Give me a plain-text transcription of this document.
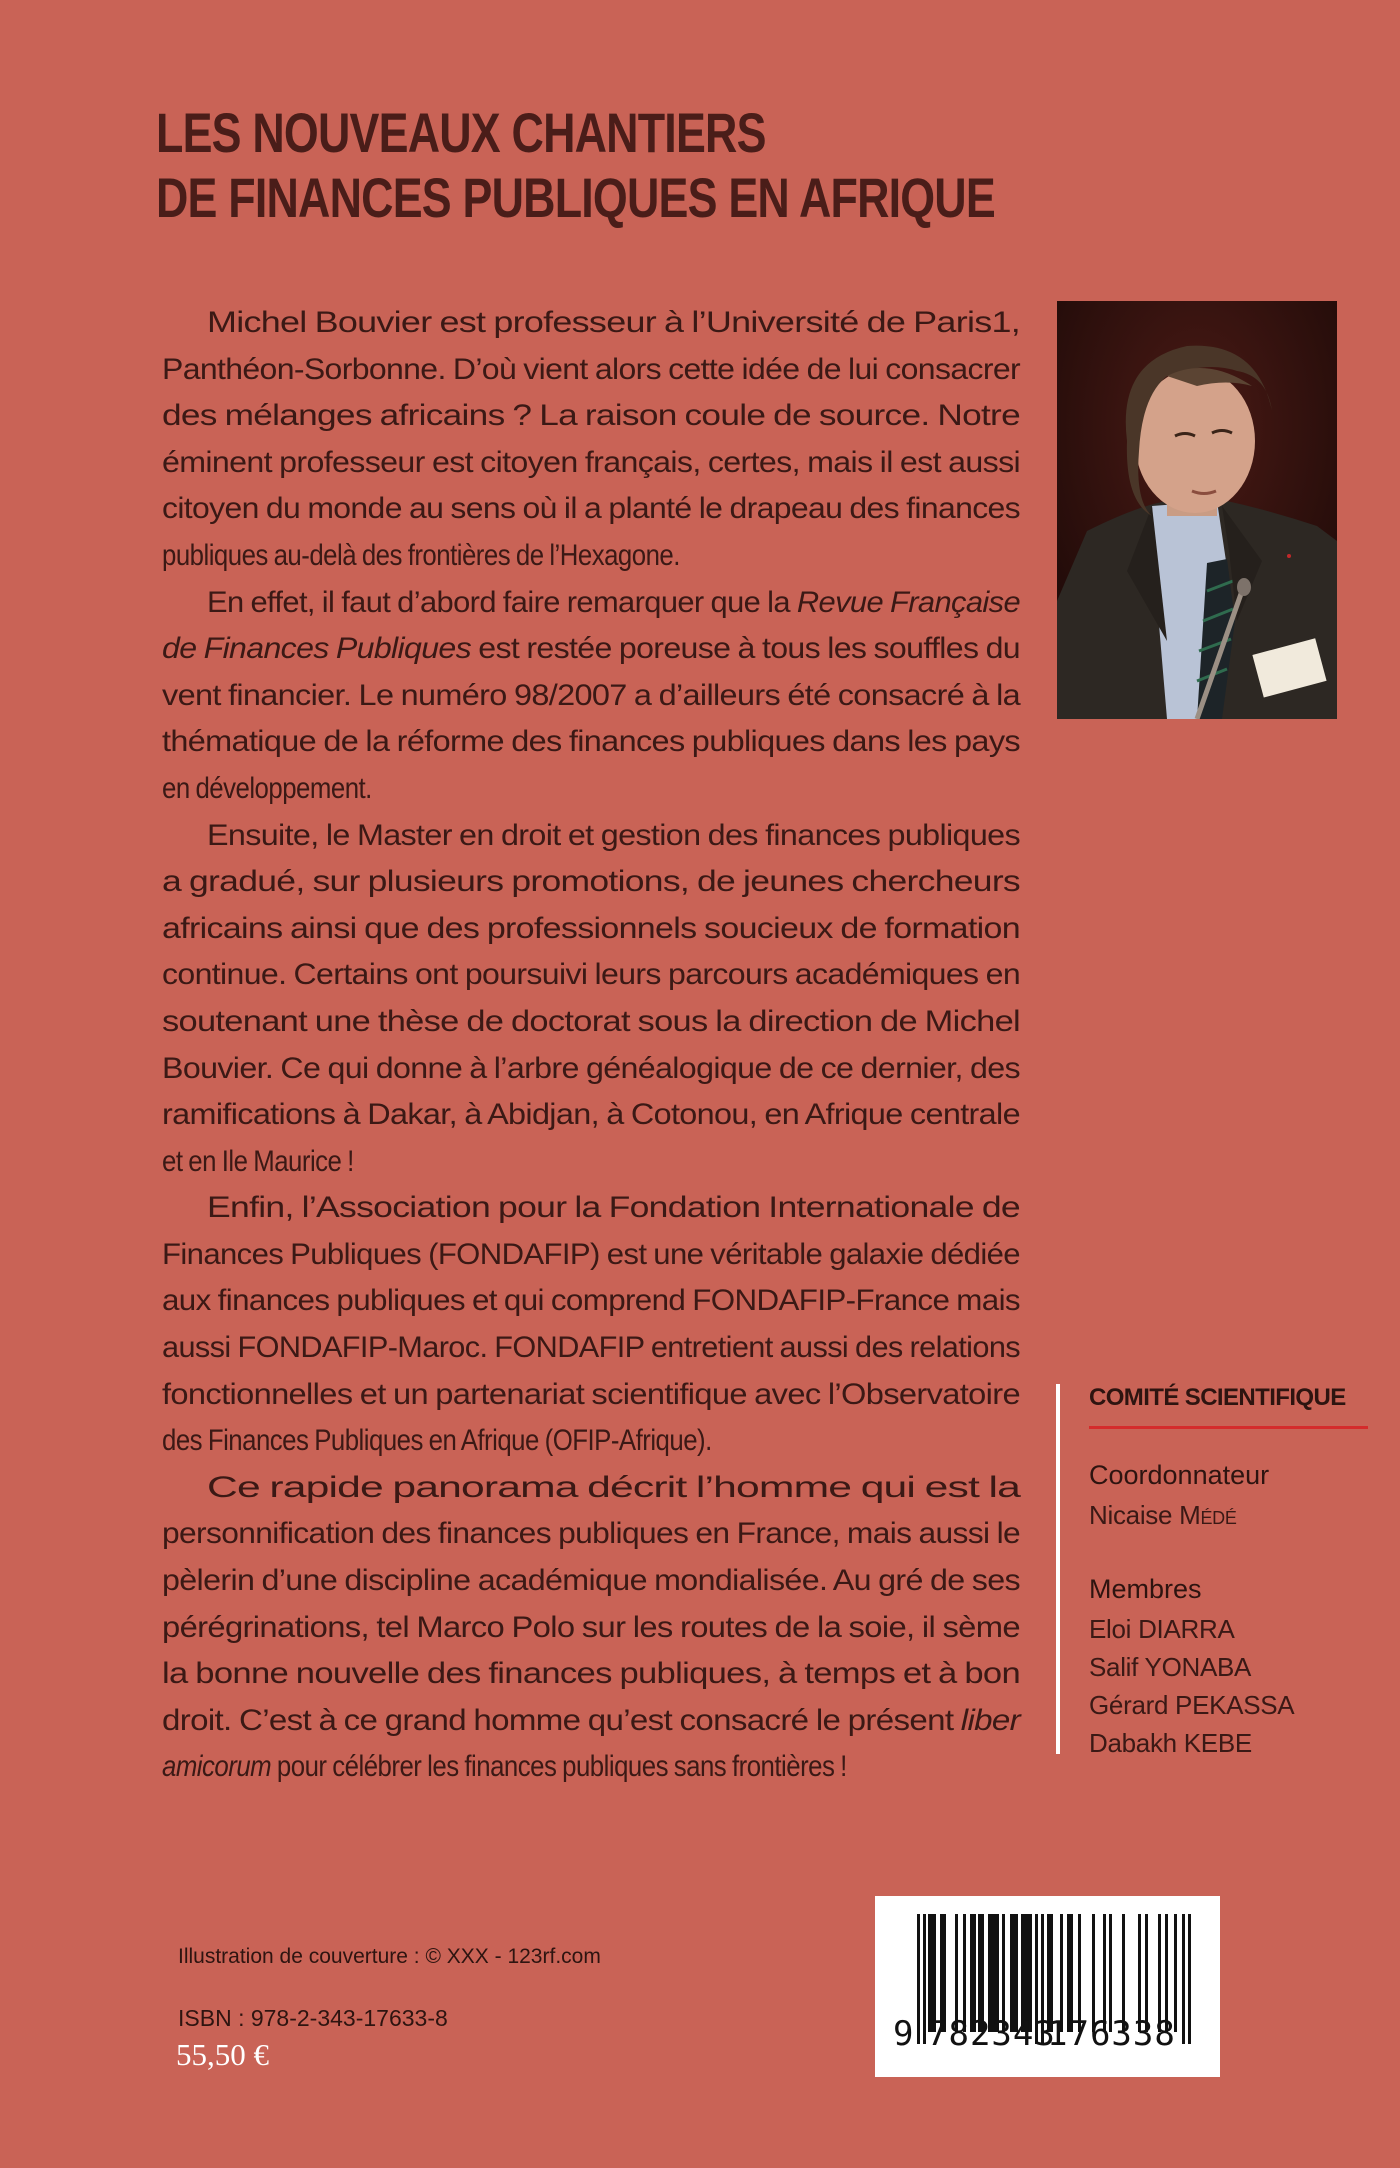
LES NOUVEAUX CHANTIERS
DE FINANCES PUBLIQUES EN AFRIQUE
Michel Bouvier est professeur à l’Université de Paris1,
Panthéon-Sorbonne. D’où vient alors cette idée de lui consacrer
des mélanges africains ? La raison coule de source. Notre
éminent professeur est citoyen français, certes, mais il est aussi
citoyen du monde au sens où il a planté le drapeau des finances
publiques au-delà des frontières de l’Hexagone.
En effet, il faut d’abord faire remarquer que la Revue Française
de Finances Publiques est restée poreuse à tous les souffles du
vent financier. Le numéro 98/2007 a d’ailleurs été consacré à la
thématique de la réforme des finances publiques dans les pays
en développement.
Ensuite, le Master en droit et gestion des finances publiques
a gradué, sur plusieurs promotions, de jeunes chercheurs
africains ainsi que des professionnels soucieux de formation
continue. Certains ont poursuivi leurs parcours académiques en
soutenant une thèse de doctorat sous la direction de Michel
Bouvier. Ce qui donne à l’arbre généalogique de ce dernier, des
ramifications à Dakar, à Abidjan, à Cotonou, en Afrique centrale
et en Ile Maurice !
Enfin, l’Association pour la Fondation Internationale de
Finances Publiques (FONDAFIP) est une véritable galaxie dédiée
aux finances publiques et qui comprend FONDAFIP-France mais
aussi FONDAFIP-Maroc. FONDAFIP entretient aussi des relations
fonctionnelles et un partenariat scientifique avec l’Observatoire
des Finances Publiques en Afrique (OFIP-Afrique).
Ce rapide panorama décrit l’homme qui est la
personnification des finances publiques en France, mais aussi le
pèlerin d’une discipline académique mondialisée. Au gré de ses
pérégrinations, tel Marco Polo sur les routes de la soie, il sème
la bonne nouvelle des finances publiques, à temps et à bon
droit. C’est à ce grand homme qu’est consacré le présent liber
amicorum pour célébrer les finances publiques sans frontières !
COMITÉ SCIENTIFIQUE
Coordonnateur
Nicaise MÉDÉ
Membres
Eloi DIARRA
Salif YONABA
Gérard PEKASSA
Dabakh KEBE
Illustration de couverture : © XXX - 123rf.com
ISBN : 978-2-343-17633-8
55,50 €
9 782343
176338
